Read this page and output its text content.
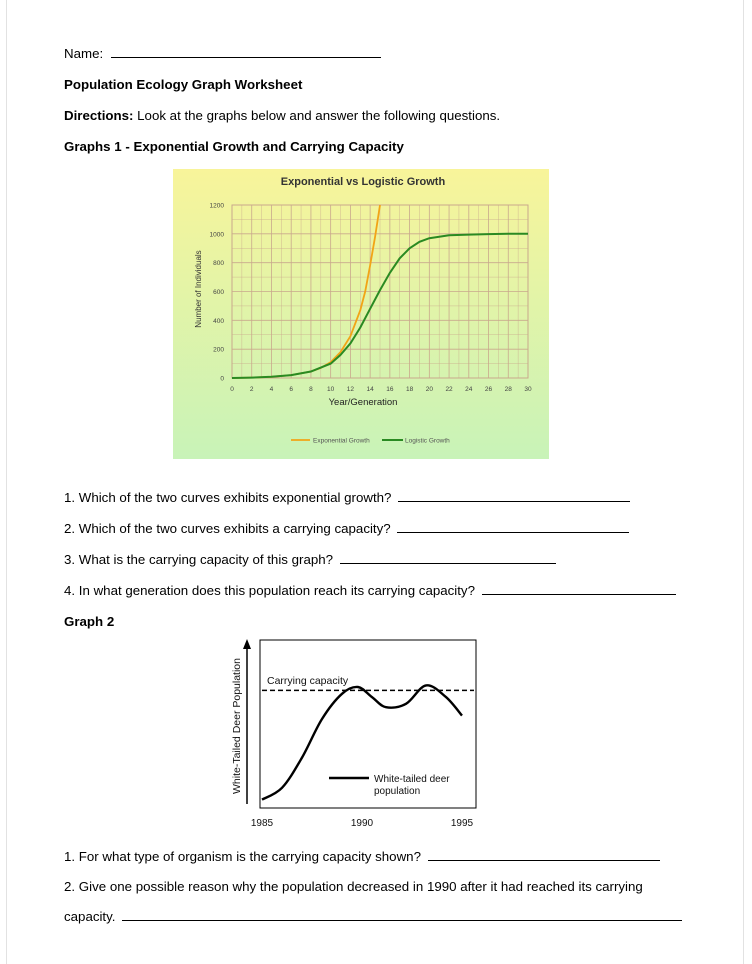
Name:
Population Ecology Graph Worksheet
Directions: Look at the graphs below and answer the following questions.
Graphs 1 - Exponential Growth and Carrying Capacity
Exponential vs Logistic Growth
0
200
400
600
800
1000
1200
0 2 4 6 8 10 12 14 16 18 20 22 24 26 28 30
Year/Generation
Number of Individuals
Exponential Growth	Logistic Growth
1. Which of the two curves exhibits exponential growth?
2. Which of the two curves exhibits a carrying capacity?
3. What is the carrying capacity of this graph?
4. In what generation does this population reach its carrying capacity?
Graph 2
White-Tailed Deer Population Carrying capacity
White-tailed deer
population
1985	1990	1995
1. For what type of organism is the carrying capacity shown?
2. Give one possible reason why the population decreased in 1990 after it had reached its carrying
capacity.
